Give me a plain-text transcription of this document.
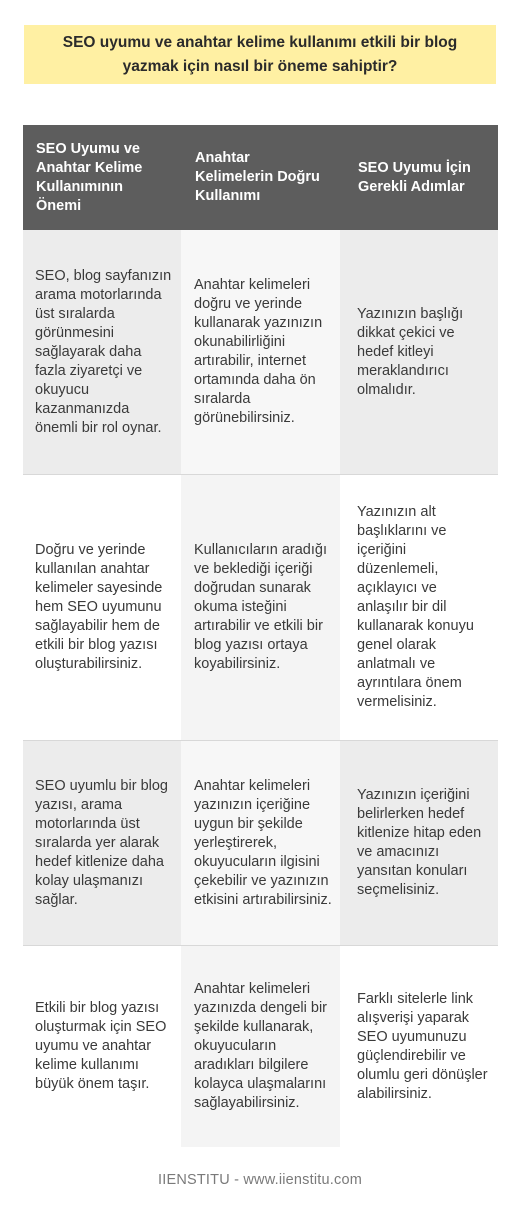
SEO uyumu ve anahtar kelime kullanımı etkili bir blog yazmak için nasıl bir öneme sahiptir?
SEO Uyumu ve Anahtar Kelime Kullanımının Önemi
Anahtar Kelimelerin Doğru Kullanımı
SEO Uyumu İçin Gerekli Adımlar
SEO, blog sayfanızın arama motorlarında üst sıralarda görünmesini sağlayarak daha fazla ziyaretçi ve okuyucu kazanmanızda önemli bir rol oynar.
Anahtar kelimeleri doğru ve yerinde kullanarak yazınızın okunabilirliğini artırabilir, internet ortamında daha ön sıralarda görünebilirsiniz.
Yazınızın başlığı dikkat çekici ve hedef kitleyi meraklandırıcı olmalıdır.
Doğru ve yerinde kullanılan anahtar kelimeler sayesinde hem SEO uyumunu sağlayabilir hem de etkili bir blog yazısı oluşturabilirsiniz.
Kullanıcıların aradığı ve beklediği içeriği doğrudan sunarak okuma isteğini artırabilir ve etkili bir blog yazısı ortaya koyabilirsiniz.
Yazınızın alt başlıklarını ve içeriğini düzenlemeli, açıklayıcı ve anlaşılır bir dil kullanarak konuyu genel olarak anlatmalı ve ayrıntılara önem vermelisiniz.
SEO uyumlu bir blog yazısı, arama motorlarında üst sıralarda yer alarak hedef kitlenize daha kolay ulaşmanızı sağlar.
Anahtar kelimeleri yazınızın içeriğine uygun bir şekilde yerleştirerek, okuyucuların ilgisini çekebilir ve yazınızın etkisini artırabilirsiniz.
Yazınızın içeriğini belirlerken hedef kitlenize hitap eden ve amacınızı yansıtan konuları seçmelisiniz.
Etkili bir blog yazısı oluşturmak için SEO uyumu ve anahtar kelime kullanımı büyük önem taşır.
Anahtar kelimeleri yazınızda dengeli bir şekilde kullanarak, okuyucuların aradıkları bilgilere kolayca ulaşmalarını sağlayabilirsiniz.
Farklı sitelerle link alışverişi yaparak SEO uyumunuzu güçlendirebilir ve olumlu geri dönüşler alabilirsiniz.
IIENSTITU - www.iienstitu.com
